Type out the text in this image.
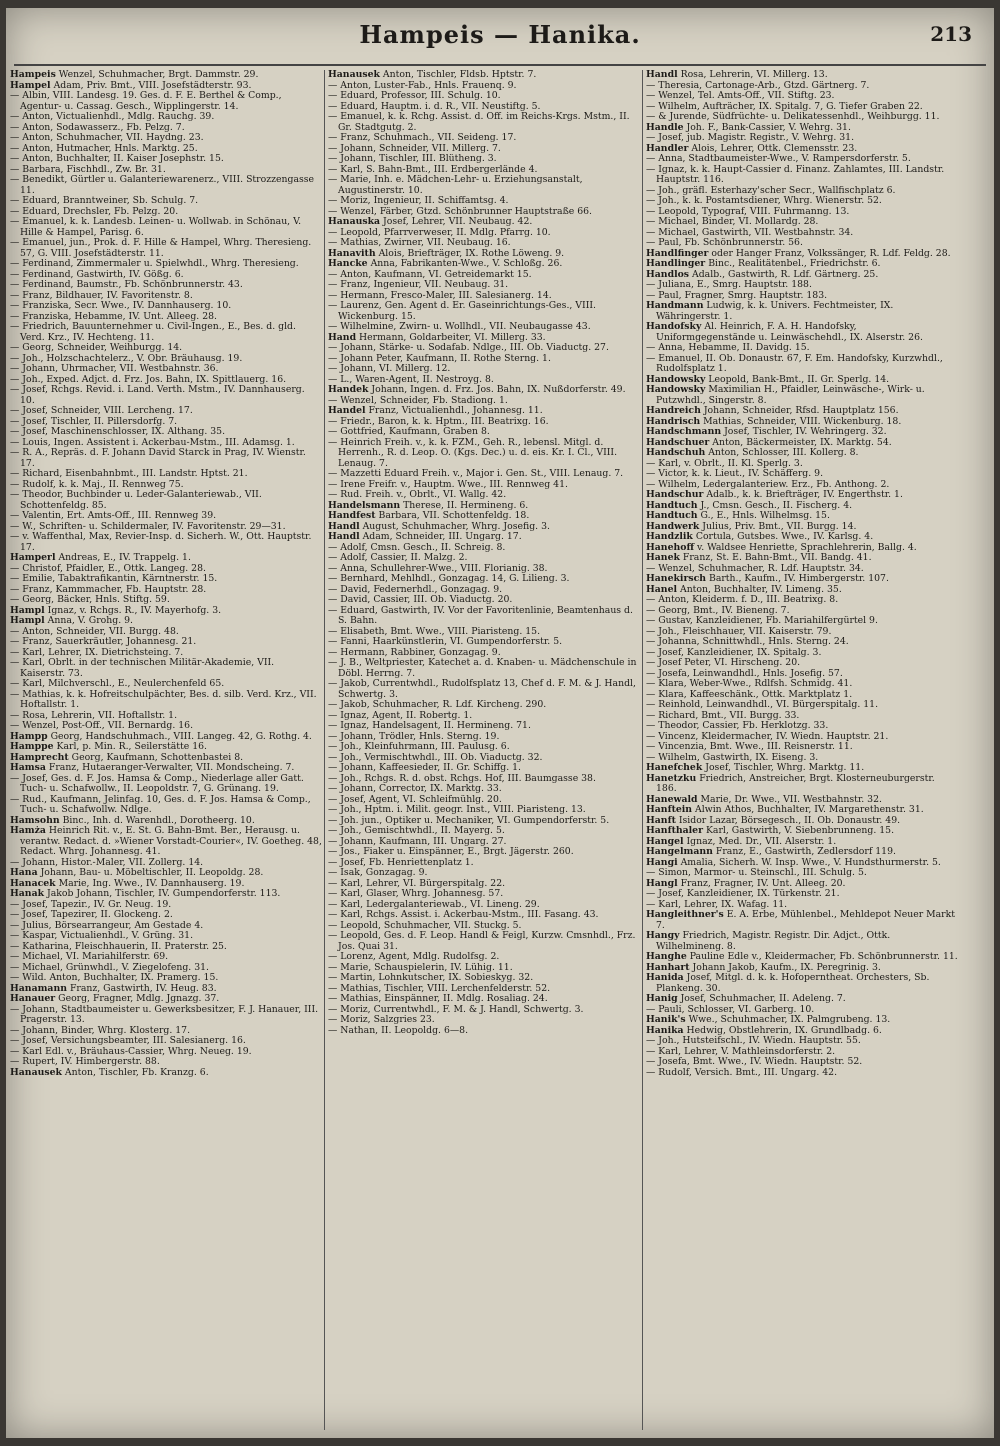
Hampeis — Hanika.	213

Hampeis Wenzel, Schuhmacher, Brgt. Dammstr. 29.

Hampel Adam, Priv. Bmt., VIII. Josefstädterstr. 93.

— Albin, VIII. Landesg. 19. Ges. d. F. E. Berthel & Comp., Agentur- u. Cassag. Gesch., Wipplingerstr. 14.

— Anton, Victualienhdl., Mdlg. Rauchg. 39.

— Anton, Sodawasserz., Fb. Pelzg. 7.

— Anton, Schuhmacher, VII. Haydng. 23.

— Anton, Hutmacher, Hnls. Marktg. 25.

— Anton, Buchhalter, II. Kaiser Josephstr. 15.

— Barbara, Fischhdl., Zw. Br. 31.

— Benedikt, Gürtler u. Galanteriewarenerz., VIII. Strozzengasse 11.

— Eduard, Branntweiner, Sb. Schulg. 7.

— Eduard, Drechsler, Fb. Pelzg. 20.

— Emanuel, k. k. Landesb. Leinen- u. Wollwab. in Schönau, V. Hille & Hampel, Parisg. 6.

— Emanuel, jun., Prok. d. F. Hille & Hampel, Whrg. Theresieng. 57, G. VIII. Josefstädterstr. 11.

— Ferdinand, Zimmermaler u. Spielwhdl., Whrg. Theresieng.

— Ferdinand, Gastwirth, IV. Gößg. 6.

— Ferdinand, Baumstr., Fb. Schönbrunnerstr. 43.

— Franz, Bildhauer, IV. Favoritenstr. 8.

— Franziska, Secr. Wwe., IV. Dannhauserg. 10.

— Franziska, Hebamme, IV. Unt. Alleeg. 28.

— Friedrich, Bauunternehmer u. Civil-Ingen., E., Bes. d. gld. Verd. Krz., IV. Hechteng. 11.

— Georg, Schneider, Weihburgg. 14.

— Joh., Holzschachtelerz., V. Obr. Bräuhausg. 19.

— Johann, Uhrmacher, VII. Westbahnstr. 36.

— Joh., Exped. Adjct. d. Frz. Jos. Bahn, IX. Spittlauerg. 16.

— Josef, Rchgs. Revid. i. Land. Verth. Mstm., IV. Dannhauserg. 10.

— Josef, Schneider, VIII. Lercheng. 17.

— Josef, Tischler, II. Pillersdorfg. 7.

— Josef, Maschinenschlosser, IX. Althang. 35.

— Louis, Ingen. Assistent i. Ackerbau-Mstm., III. Adamsg. 1.

— R. A., Repräs. d. F. Johann David Starck in Prag, IV. Wienstr. 17.

— Richard, Eisenbahnbmt., III. Landstr. Hptst. 21.

— Rudolf, k. k. Maj., II. Rennweg 75.

— Theodor, Buchbinder u. Leder-Galanteriewab., VII. Schottenfeldg. 85.

— Valentin, Ert. Amts-Off., III. Rennweg 39.

— W., Schriften- u. Schildermaler, IV. Favoritenstr. 29—31.

— v. Waffenthal, Max, Revier-Insp. d. Sicherh. W., Ott. Hauptstr. 17.

Hamperl Andreas, E., IV. Trappelg. 1.

— Christof, Pfaidler, E., Ottk. Langeg. 28.

— Emilie, Tabaktrafikantin, Kärntnerstr. 15.

— Franz, Kammmacher, Fb. Hauptstr. 28.

— Georg, Bäcker, Hnls. Stiftg. 59.

Hampl Ignaz, v. Rchgs. R., IV. Mayerhofg. 3.

Hampl Anna, V. Grohg. 9.

— Anton, Schneider, VII. Burgg. 48.

— Franz, Sauerkräutler, Johannesg. 21.

— Karl, Lehrer, IX. Dietrichsteing. 7.

— Karl, Obrlt. in der technischen Militär-Akademie, VII. Kaiserstr. 73.

— Karl, Milchverschl., E., Neulerchenfeld 65.

— Mathias, k. k. Hofreitschulpächter, Bes. d. silb. Verd. Krz., VII. Hoftallstr. 1.

— Rosa, Lehrerin, VII. Hoftallstr. 1.

— Wenzel, Post-Off., VII. Bernardg. 16.

Hampp Georg, Handschuhmach., VIII. Langeg. 42, G. Rothg. 4.

Hamppe Karl, p. Min. R., Seilerstätte 16.

Hamprecht Georg, Kaufmann, Schottenbastei 8.

Hamsa Franz, Hutaeranger-Verwalter, VII. Mondscheing. 7.

— Josef, Ges. d. F. Jos. Hamsa & Comp., Niederlage aller Gatt. Tuch- u. Schafwollw., II. Leopoldstr. 7, G. Grünang. 19.

— Rud., Kaufmann, Jelinfag. 10, Ges. d. F. Jos. Hamsa & Comp., Tuch- u. Schafwollw. Ndlge.

Hamsohn Binc., Inh. d. Warenhdl., Dorotheerg. 10.

Hamża Heinrich Rit. v., E. St. G. Bahn-Bmt. Ber., Herausg. u. verantw. Redact. d. »Wiener Vorstadt-Courier«, IV. Goetheg. 48, Redact. Whrg. Johannesg. 41.

— Johann, Histor.-Maler, VII. Zollerg. 14.

Hana Johann, Bau- u. Möbeltischler, II. Leopoldg. 28.

Hanacek Marie, Ing. Wwe., IV. Dannhauserg. 19.

Hanak Jakob Johann, Tischler, IV. Gumpendorferstr. 113.

— Josef, Tapezir., IV. Gr. Neug. 19.

— Josef, Tapezirer, II. Glockeng. 2.

— Julius, Börsearrangeur, Am Gestade 4.

— Kaspar, Victualienhdl., V. Grüng. 31.

— Katharina, Fleischhauerin, II. Praterstr. 25.

— Michael, VI. Mariahilferstr. 69.

— Michael, Grünwhdl., V. Ziegelofeng. 31.

— Wild. Anton, Buchhalter, IX. Pramerg. 15.

Hanamann Franz, Gastwirth, IV. Heug. 83.

Hanauer Georg, Fragner, Mdlg. Jgnazg. 37.

— Johann, Stadtbaumeister u. Gewerksbesitzer, F. J. Hanauer, III. Pragerstr. 13.

— Johann, Binder, Whrg. Klosterg. 17.

— Josef, Versichungsbeamter, III. Salesianerg. 16.

— Karl Edl. v., Bräuhaus-Cassier, Whrg. Neueg. 19.

— Rupert, IV. Himbergerstr. 88.

Hanausek Anton, Tischler, Fb. Kranzg. 6.

Hanausek Anton, Tischler, Fldsb. Hptstr. 7.

— Anton, Luster-Fab., Hnls. Frauenq. 9.

— Eduard, Professor, III. Schulg. 10.

— Eduard, Hauptm. i. d. R., VII. Neustiftg. 5.

— Emanuel, k. k. Rchg. Assist. d. Off. im Reichs-Krgs. Mstm., II. Gr. Stadtgutg. 2.

— Franz, Schuhmach., VII. Seideng. 17.

— Johann, Schneider, VII. Millerg. 7.

— Johann, Tischler, III. Blütheng. 3.

— Karl, S. Bahn-Bmt., III. Erdbergerlände 4.

— Marie, Inh. e. Mädchen-Lehr- u. Erziehungsanstalt, Augustinerstr. 10.

— Moriz, Ingenieur, II. Schiffamtsg. 4.

— Wenzel, Färber, Gtzd. Schönbrunner Hauptstraße 66.

Hanauska Josef, Lehrer, VII. Neubaug. 42.

— Leopold, Pfarrverweser, II. Mdlg. Pfarrg. 10.

— Mathias, Zwirner, VII. Neubaug. 16.

Hanavith Alois, Briefträger, IX. Rothe Löweng. 9.

Hancke Anna, Fabrikanten-Wwe., V. Schloßg. 26.

— Anton, Kaufmann, VI. Getreidemarkt 15.

— Franz, Ingenieur, VII. Neubaug. 31.

— Hermann, Fresco-Maler, III. Salesianerg. 14.

— Laurenz, Gen. Agent d. Er. Gaseinrichtungs-Ges., VIII. Wickenburg. 15.

— Wilhelmine, Zwirn- u. Wollhdl., VII. Neubaugasse 43.

Hand Hermann, Goldarbeiter, VI. Millerg. 33.

— Johann, Stärke- u. Sodafab. Ndlge., III. Ob. Viaductg. 27.

— Johann Peter, Kaufmann, II. Rothe Sterng. 1.

— Johann, VI. Millerg. 12.

— L., Waren-Agent, II. Nestroyg. 8.

Handek Johann, Ingen. d. Frz. Jos. Bahn, IX. Nußdorferstr. 49.

— Wenzel, Schneider, Fb. Stadiong. 1.

Handel Franz, Victualienhdl., Johannesg. 11.

— Friedr., Baron, k. k. Hptm., III. Beatrixg. 16.

— Gottfried, Kaufmann, Graben 8.

— Heinrich Freih. v., k. k. FZM., Geh. R., lebensl. Mitgl. d. Herrenh., R. d. Leop. O. (Kgs. Dec.) u. d. eis. Kr. I. Cl., VIII. Lenaug. 7.

— Mazzetti Eduard Freih. v., Major i. Gen. St., VIII. Lenaug. 7.

— Irene Freifr. v., Hauptm. Wwe., III. Rennweg 41.

— Rud. Freih. v., Obrlt., VI. Wallg. 42.

Handelsmann Therese, II. Hermineng. 6.

Handfest Barbara, VII. Schottenfeldg. 18.

Handl August, Schuhmacher, Whrg. Josefig. 3.

Handl Adam, Schneider, III. Ungarg. 17.

— Adolf, Cmsn. Gesch., II. Schreig. 8.

— Adolf, Cassier, II. Malzg. 2.

— Anna, Schullehrer-Wwe., VIII. Florianig. 38.

— Bernhard, Mehlhdl., Gonzagag. 14, G. Lilieng. 3.

— David, Federnerhdl., Gonzagag. 9.

— David, Cassier, III. Ob. Viaductg. 20.

— Eduard, Gastwirth, IV. Vor der Favoritenlinie, Beamtenhaus d. S. Bahn.

— Elisabeth, Bmt. Wwe., VIII. Piaristeng. 15.

— Fanni, Haarkünstlerin, VI. Gumpendorferstr. 5.

— Hermann, Rabbiner, Gonzagag. 9.

— J. B., Weltpriester, Katechet a. d. Knaben- u. Mädchenschule in Döbl. Herrng. 7.

— Jakob, Currentwhdl., Rudolfsplatz 13, Chef d. F. M. & J. Handl, Schwertg. 3.

— Jakob, Schuhmacher, R. Ldf. Kircheng. 290.

— Ignaz, Agent, II. Robertg. 1.

— Ignaz, Handelsagent, II. Hermineng. 71.

— Johann, Trödler, Hnls. Sterng. 19.

— Joh., Kleinfuhrmann, III. Paulusg. 6.

— Joh., Vermischtwhdl., III. Ob. Viaductg. 32.

— Johann, Kaffeesieder, II. Gr. Schiffg. 1.

— Joh., Rchgs. R. d. obst. Rchgs. Hof, III. Baumgasse 38.

— Johann, Corrector, IX. Marktg. 33.

— Josef, Agent, VI. Schleifmühlg. 20.

— Joh., Hptm. i. Milit. geogr. Inst., VIII. Piaristeng. 13.

— Joh. jun., Optiker u. Mechaniker, VI. Gumpendorferstr. 5.

— Joh., Gemischtwhdl., II. Mayerg. 5.

— Johann, Kaufmann, III. Ungarg. 27.

— Jos., Fiaker u. Einspänner, E., Brgt. Jägerstr. 260.

— Josef, Fb. Henriettenplatz 1.

— Isak, Gonzagag. 9.

— Karl, Lehrer, VI. Bürgerspitalg. 22.

— Karl, Glaser, Whrg. Johannesg. 57.

— Karl, Ledergalanteriewab., VI. Lineng. 29.

— Karl, Rchgs. Assist. i. Ackerbau-Mstm., III. Fasang. 43.

— Leopold, Schuhmacher, VII. Stuckg. 5.

— Leopold, Ges. d. F. Leop. Handl & Feigl, Kurzw. Cmsnhdl., Frz. Jos. Quai 31.

— Lorenz, Agent, Mdlg. Rudolfsg. 2.

— Marie, Schauspielerin, IV. Lühig. 11.

— Martin, Lohnkutscher, IX. Sobieskyg. 32.

— Mathias, Tischler, VIII. Lerchenfelderstr. 52.

— Mathias, Einspänner, II. Mdlg. Rosaliag. 24.

— Moriz, Currentwhdl., F. M. & J. Handl, Schwertg. 3.

— Moriz, Salzgries 23.

— Nathan, II. Leopoldg. 6—8.

Handl Rosa, Lehrerin, VI. Millerg. 13.

— Theresia, Cartonage-Arb., Gtzd. Gärtnerg. 7.

— Wenzel, Tel. Amts-Off., VII. Stiftg. 23.

— Wilhelm, Aufträcher, IX. Spitalg. 7, G. Tiefer Graben 22.

— & Jurende, Südfrüchte- u. Delikatessenhdl., Weihburgg. 11.

Handle Joh. F., Bank-Cassier, V. Wehrg. 31.

— Josef, jub. Magistr. Registr., V. Wehrg. 31.

Handler Alois, Lehrer, Ottk. Clemensstr. 23.

— Anna, Stadtbaumeister-Wwe., V. Rampersdorferstr. 5.

— Ignaz, k. k. Haupt-Cassier d. Finanz. Zahlamtes, III. Landstr. Hauptstr. 116.

— Joh., gräfl. Esterhazy'scher Secr., Wallfischplatz 6.

— Joh., k. k. Postamtsdiener, Whrg. Wienerstr. 52.

— Leopold, Typograf, VIII. Fuhrmanng. 13.

— Michael, Binder, VI. Mollardg. 28.

— Michael, Gastwirth, VII. Westbahnstr. 34.

— Paul, Fb. Schönbrunnerstr. 56.

Handlfinger oder Hanger Franz, Volkssänger, R. Ldf. Feldg. 28.

Handlinger Binc., Realitätenbel., Friedrichstr. 6.

Handlos Adalb., Gastwirth, R. Ldf. Gärtnerg. 25.

— Juliana, E., Smrg. Hauptstr. 188.

— Paul, Fragner, Smrg. Hauptstr. 183.

Handmann Ludwig, k. k. Univers. Fechtmeister, IX. Währingerstr. 1.

Handofsky Al. Heinrich, F. A. H. Handofsky, Uniformgegenstände u. Leinwäschehdl., IX. Alserstr. 26.

— Anna, Hebamme, II. Davidg. 15.

— Emanuel, II. Ob. Donaustr. 67, F. Em. Handofsky, Kurzwhdl., Rudolfsplatz 1.

Handowsky Leopold, Bank-Bmt., II. Gr. Sperlg. 14.

Handowsky Maximilian H., Pfaidler, Leinwäsche-, Wirk- u. Putzwhdl., Singerstr. 8.

Handreich Johann, Schneider, Rfsd. Hauptplatz 156.

Handrisch Mathias, Schneider, VIII. Wickenburg. 18.

Handschmann Josef, Tischler, IV. Wehringerg. 32.

Handschuer Anton, Bäckermeister, IX. Marktg. 54.

Handschuh Anton, Schlosser, III. Kollerg. 8.

— Karl, v. Obrlt., II. Kl. Sperlg. 3.

— Victor, k. k. Lieut., IV. Schäfferg. 9.

— Wilhelm, Ledergalanteriew. Erz., Fb. Anthong. 2.

Handschur Adalb., k. k. Briefträger, IV. Engerthstr. 1.

Handtuch J., Cmsn. Gesch., II. Fischerg. 4.

Handtuch G., E., Hnls. Wilhelmsg. 15.

Handwerk Julius, Priv. Bmt., VII. Burgg. 14.

Handzlik Cortula, Gutsbes. Wwe., IV. Karlsg. 4.

Hanehoff v. Waldsee Henriette, Sprachlehrerin, Ballg. 4.

Hanek Franz, St. E. Bahn-Bmt., VII. Bandg. 41.

— Wenzel, Schuhmacher, R. Ldf. Hauptstr. 34.

Hanekirsch Barth., Kaufm., IV. Himbergerstr. 107.

Hanel Anton, Buchhalter, IV. Limeng. 35.

— Anton, Kleiderm. f. D., III. Beatrixg. 8.

— Georg, Bmt., IV. Bieneng. 7.

— Gustav, Kanzleidiener, Fb. Mariahilfergürtel 9.

— Joh., Fleischhauer, VII. Kaiserstr. 79.

— Johanna, Schnittwhdl., Hnls. Sterng. 24.

— Josef, Kanzleidiener, IX. Spitalg. 3.

— Josef Peter, VI. Hirscheng. 20.

— Josefa, Leinwandhdl., Hnls. Josefig. 57.

— Klara, Weber-Wwe., Rdlfsh. Schmidg. 41.

— Klara, Kaffeeschänk., Ottk. Marktplatz 1.

— Reinhold, Leinwandhdl., VI. Bürgerspitalg. 11.

— Richard, Bmt., VII. Burgg. 33.

— Theodor, Cassier, Fb. Herklotzg. 33.

— Vincenz, Kleidermacher, IV. Wiedn. Hauptstr. 21.

— Vincenzia, Bmt. Wwe., III. Reisnerstr. 11.

— Wilhelm, Gastwirth, IX. Eiseng. 3.

Hanefchek Josef, Tischler, Whrg. Marktg. 11.

Hanetzku Friedrich, Anstreicher, Brgt. Klosterneuburgerstr. 186.

Hanewald Marie, Dr. Wwe., VII. Westbahnstr. 32.

Hanftein Alwin Athos, Buchhalter, IV. Margarethenstr. 31.

Hanft Isidor Lazar, Börsegesch., II. Ob. Donaustr. 49.

Hanfthaler Karl, Gastwirth, V. Siebenbrunneng. 15.

Hangel Ignaz, Med. Dr., VII. Alserstr. 1.

Hangelmann Franz, E., Gastwirth, Zedlersdorf 119.

Hangi Amalia, Sicherh. W. Insp. Wwe., V. Hundsthurmerstr. 5.

— Simon, Marmor- u. Steinschl., III. Schulg. 5.

Hangl Franz, Fragner, IV. Unt. Alleeg. 20.

— Josef, Kanzleidiener, IX. Türkenstr. 21.

— Karl, Lehrer, IX. Wafag. 11.

Hangleithner's E. A. Erbe, Mühlenbel., Mehldepot Neuer Markt 7.

Hangy Friedrich, Magistr. Registr. Dir. Adjct., Ottk. Wilhelmineng. 8.

Hanghe Pauline Edle v., Kleidermacher, Fb. Schönbrunnerstr. 11.

Hanhart Johann Jakob, Kaufm., IX. Peregrinig. 3.

Hanida Josef, Mitgl. d. k. k. Hofoperntheat. Orchesters, Sb. Plankeng. 30.

Hanig Josef, Schuhmacher, II. Adeleng. 7.

— Pauli, Schlosser, VI. Garberg. 10.

Hanik's Wwe., Schuhmacher, IX. Palmgrubeng. 13.

Hanika Hedwig, Obstlehrerin, IX. Grundlbadg. 6.

— Joh., Hutsteifschl., IV. Wiedn. Hauptstr. 55.

— Karl, Lehrer, V. Mathleinsdorferstr. 2.

— Josefa, Bmt. Wwe., IV. Wiedn. Hauptstr. 52.

— Rudolf, Versich. Bmt., III. Ungarg. 42.
